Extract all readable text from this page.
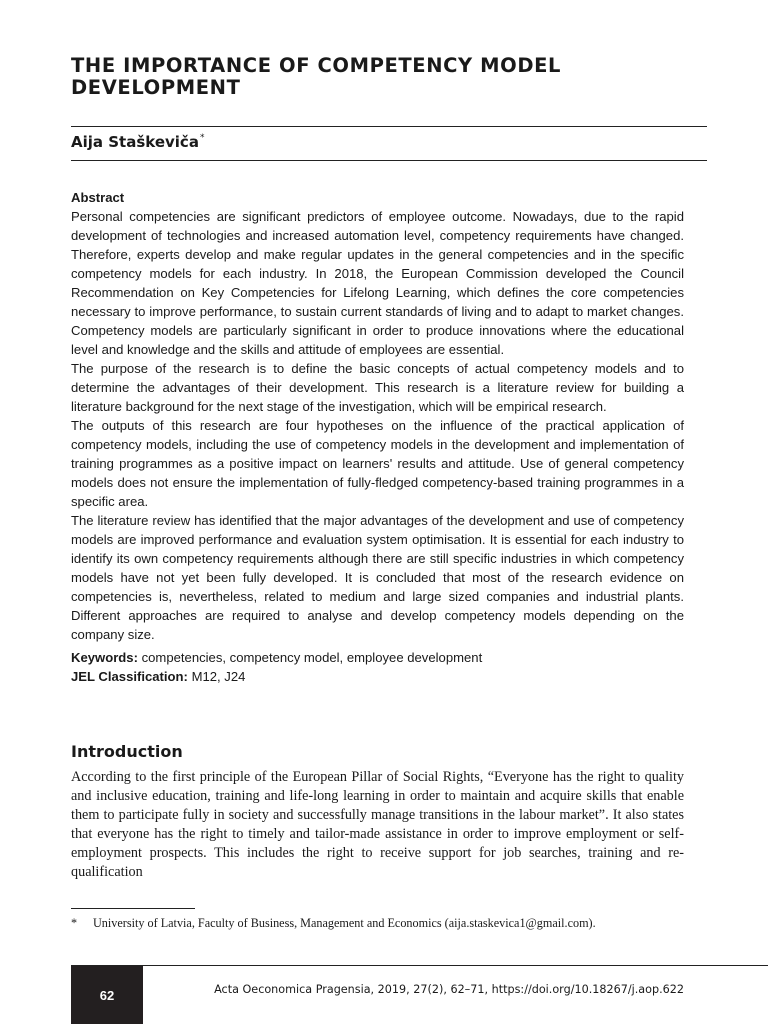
THE IMPORTANCE OF COMPETENCY MODEL DEVELOPMENT
Aija Staškeviča*
Abstract

Personal competencies are significant predictors of employee outcome. Nowadays, due to the rapid development of technologies and increased automation level, competency requirements have changed. Therefore, experts develop and make regular updates in the general competencies and in the specific competency models for each industry. In 2018, the European Commission developed the Council Recommendation on Key Competencies for Lifelong Learning, which defines the core competencies necessary to improve performance, to sustain current standards of living and to adapt to market changes. Competency models are particularly significant in order to produce innovations where the educational level and knowledge and the skills and attitude of employees are essential.

The purpose of the research is to define the basic concepts of actual competency models and to determine the advantages of their development. This research is a literature review for building a literature background for the next stage of the investigation, which will be empirical research.

The outputs of this research are four hypotheses on the influence of the practical application of competency models, including the use of competency models in the development and implementation of training programmes as a positive impact on learners' results and attitude. Use of general competency models does not ensure the implementation of fully-fledged competency-based training programmes in a specific area.

The literature review has identified that the major advantages of the development and use of competency models are improved performance and evaluation system optimisation. It is essential for each industry to identify its own competency requirements although there are still specific industries in which competency models have not yet been fully developed. It is concluded that most of the research evidence on competencies is, nevertheless, related to medium and large sized companies and industrial plants. Different approaches are required to analyse and develop competency models depending on the company size.

Keywords: competencies, competency model, employee development

JEL Classification: M12, J24

Introduction

According to the first principle of the European Pillar of Social Rights, “Everyone has the right to quality and inclusive education, training and life-long learning in order to maintain and acquire skills that enable them to participate fully in society and successfully manage transitions in the labour market”. It also states that everyone has the right to timely and tailor-made assistance in order to improve employment or self-employment prospects. This includes the right to receive support for job searches, training and re-qualification

* University of Latvia, Faculty of Business, Management and Economics (aija.staskevica1@gmail.com).
62	Acta Oeconomica Pragensia, 2019, 27(2), 62–71, https://doi.org/10.18267/j.aop.622
